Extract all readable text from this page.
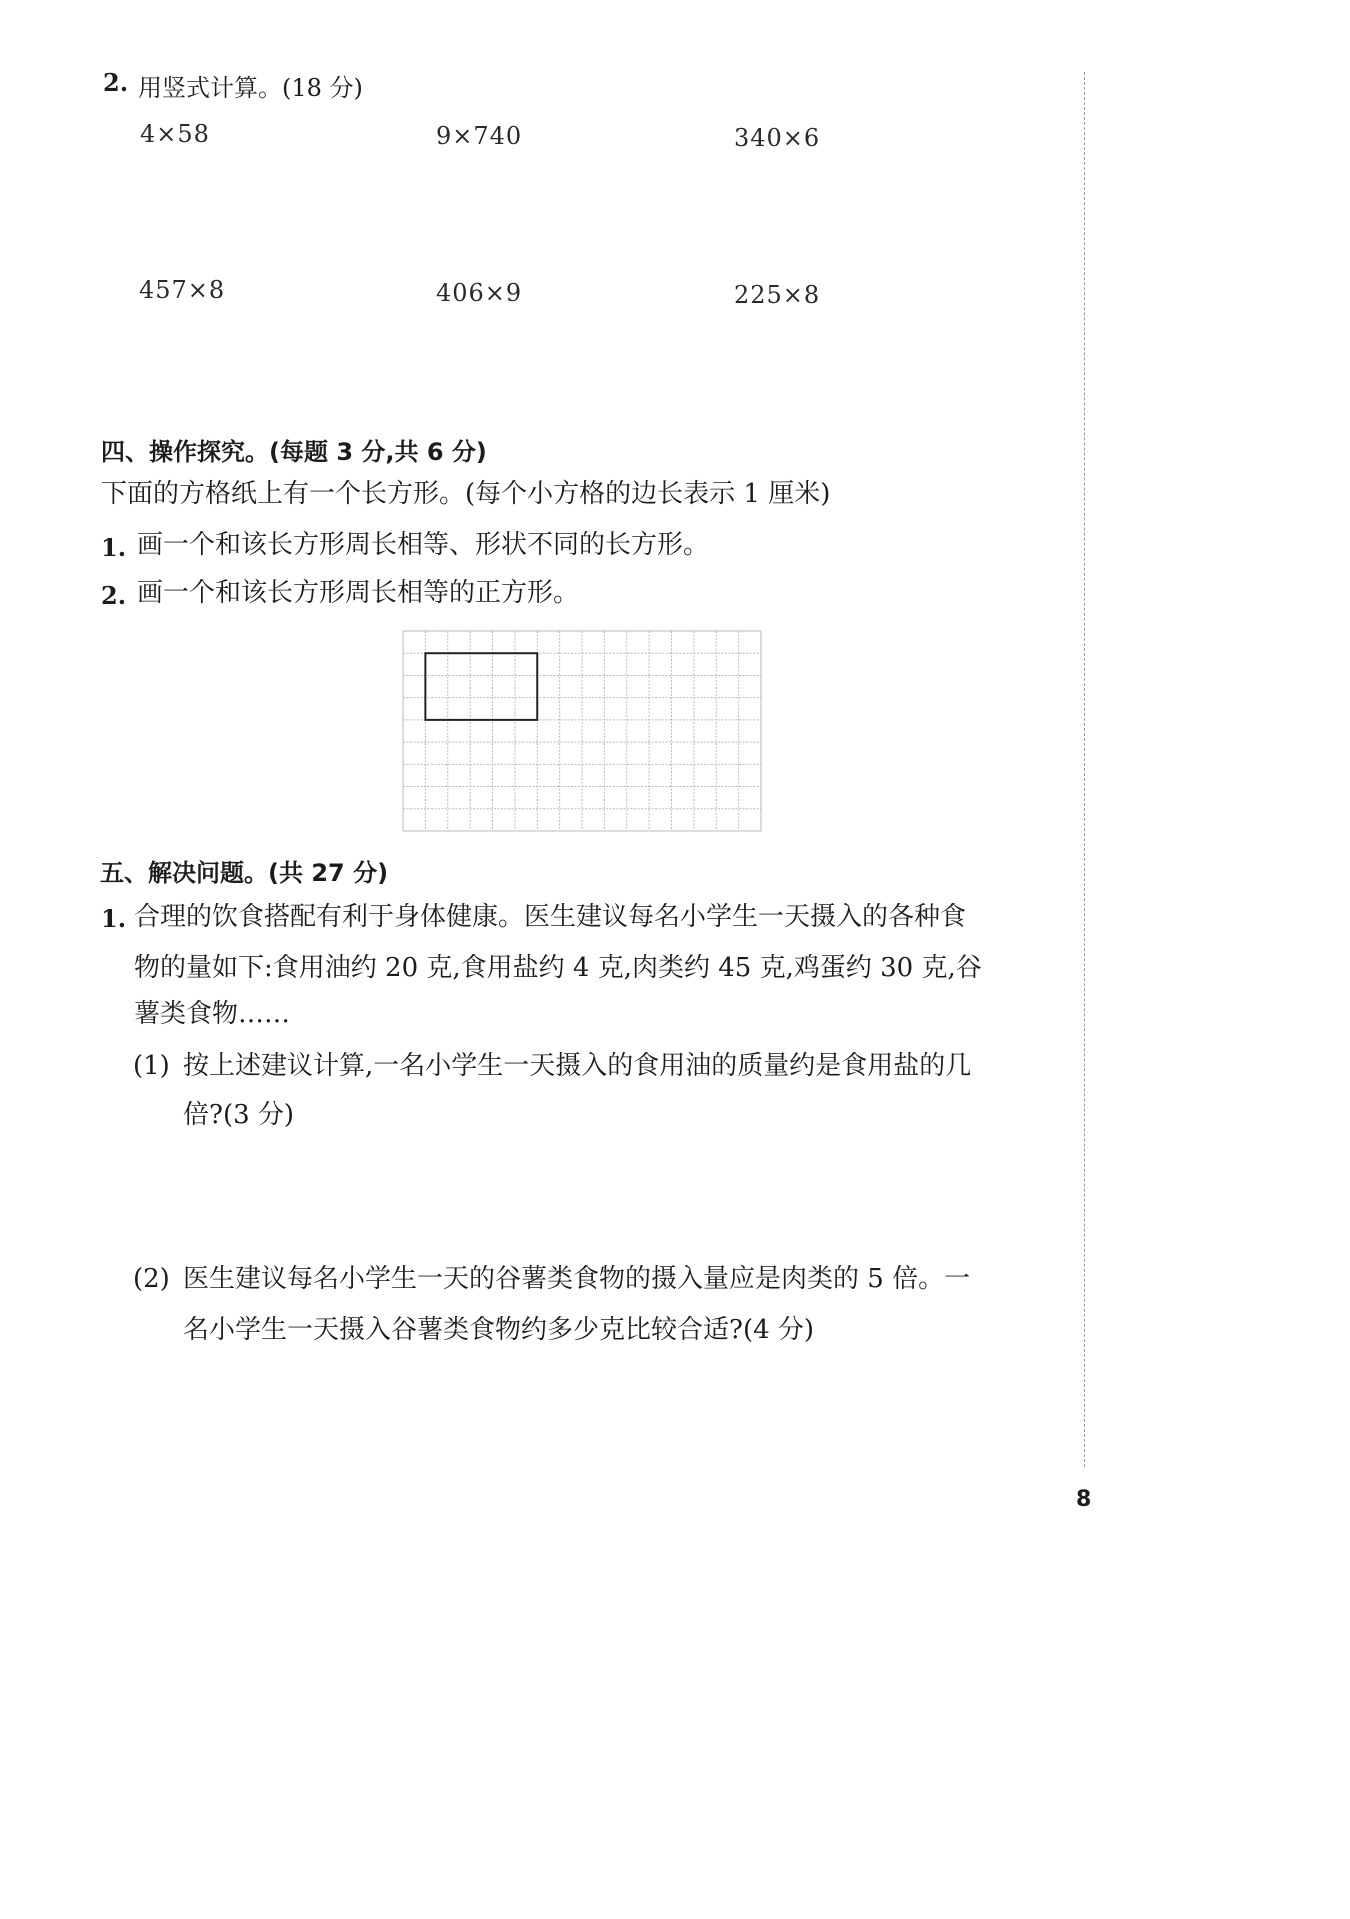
2. 用竖式计算。(18 分)
4×58	9×740	340×6
457×8	406×9	225×8
四、操作探究。(每题 3 分,共 6 分)
下面的方格纸上有一个长方形。(每个小方格的边长表示 1 厘米)
1. 画一个和该长方形周长相等、形状不同的长方形。
2. 画一个和该长方形周长相等的正方形。
五、解决问题。(共 27 分)
1. 合理的饮食搭配有利于身体健康。医生建议每名小学生一天摄入的各种食
物的量如下:食用油约 20 克,食用盐约 4 克,肉类约 45 克,鸡蛋约 30 克,谷
薯类食物……
(1) 按上述建议计算,一名小学生一天摄入的食用油的质量约是食用盐的几
倍?(3 分)
(2) 医生建议每名小学生一天的谷薯类食物的摄入量应是肉类的 5 倍。一
名小学生一天摄入谷薯类食物约多少克比较合适?(4 分)
8
